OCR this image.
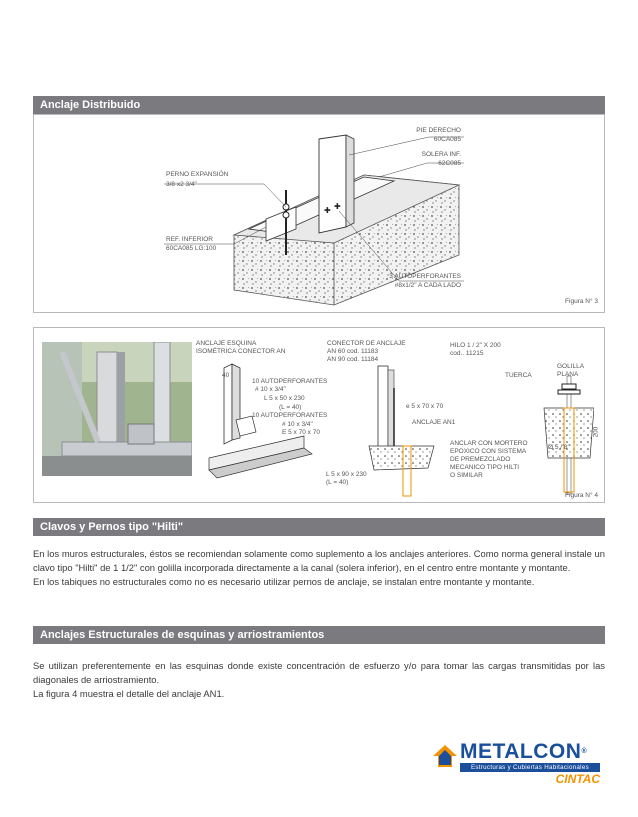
Anclaje Distribuido
✚ ✚
PIE DERECHO
60CA085
SOLERA INF.
62C085
PERNO EXPANSIÓN
3/8 x2 3/4"
REF. INFERIOR
60CA085 LG:100
3 AUTOPERFORANTES
#8x1/2" A CADA LADO
Figura N° 3
ANCLAJE ESQUINA
ISOMÉTRICA CONECTOR AN
40
10 AUTOPERFORANTES
# 10 x 3/4"
L 5 x 50 x 230
(L = 40)
10 AUTOPERFORANTES
# 10 x 3/4"
E 5 x 70 x 70
CONECTOR DE ANCLAJE
AN 60 cod. 11183
AN 90 cod. 11184
e 5 x 70 x 70
ANCLAJE AN1
L 5 x 90 x 230
(L = 40)
HILO 1 / 2" X 200
cod.. 11215
GOLILLA
PLANA
TUERCA
ANCLAR CON MORTERO
EPOXICO CON SISTEMA
DE PREMEZCLADO
MECANICO TIPO HILTI
O SIMILAR
Ø 5 / 8"
200
Figura N° 4
Clavos y Pernos tipo "Hilti"

En los muros estructurales, éstos se recomiendan solamente como suplemento a los anclajes anteriores. Como norma general instale un clavo tipo "Hilti" de 1 1/2" con golilla incorporada directamente a la canal (solera inferior), en el centro entre montante y montante.

En los tabiques no estructurales como no es necesario utilizar pernos de anclaje, se instalan entre montante y montante.

Anclajes Estructurales de esquinas y arriostramientos

Se utilizan preferentemente en las esquinas donde existe concentración de esfuerzo y/o para tomar las cargas transmitidas por las diagonales de arriostramiento.

La figura 4 muestra el detalle del anclaje AN1.

METALCON®
Estructuras y Cubiertas Habitacionales
CINTAC
